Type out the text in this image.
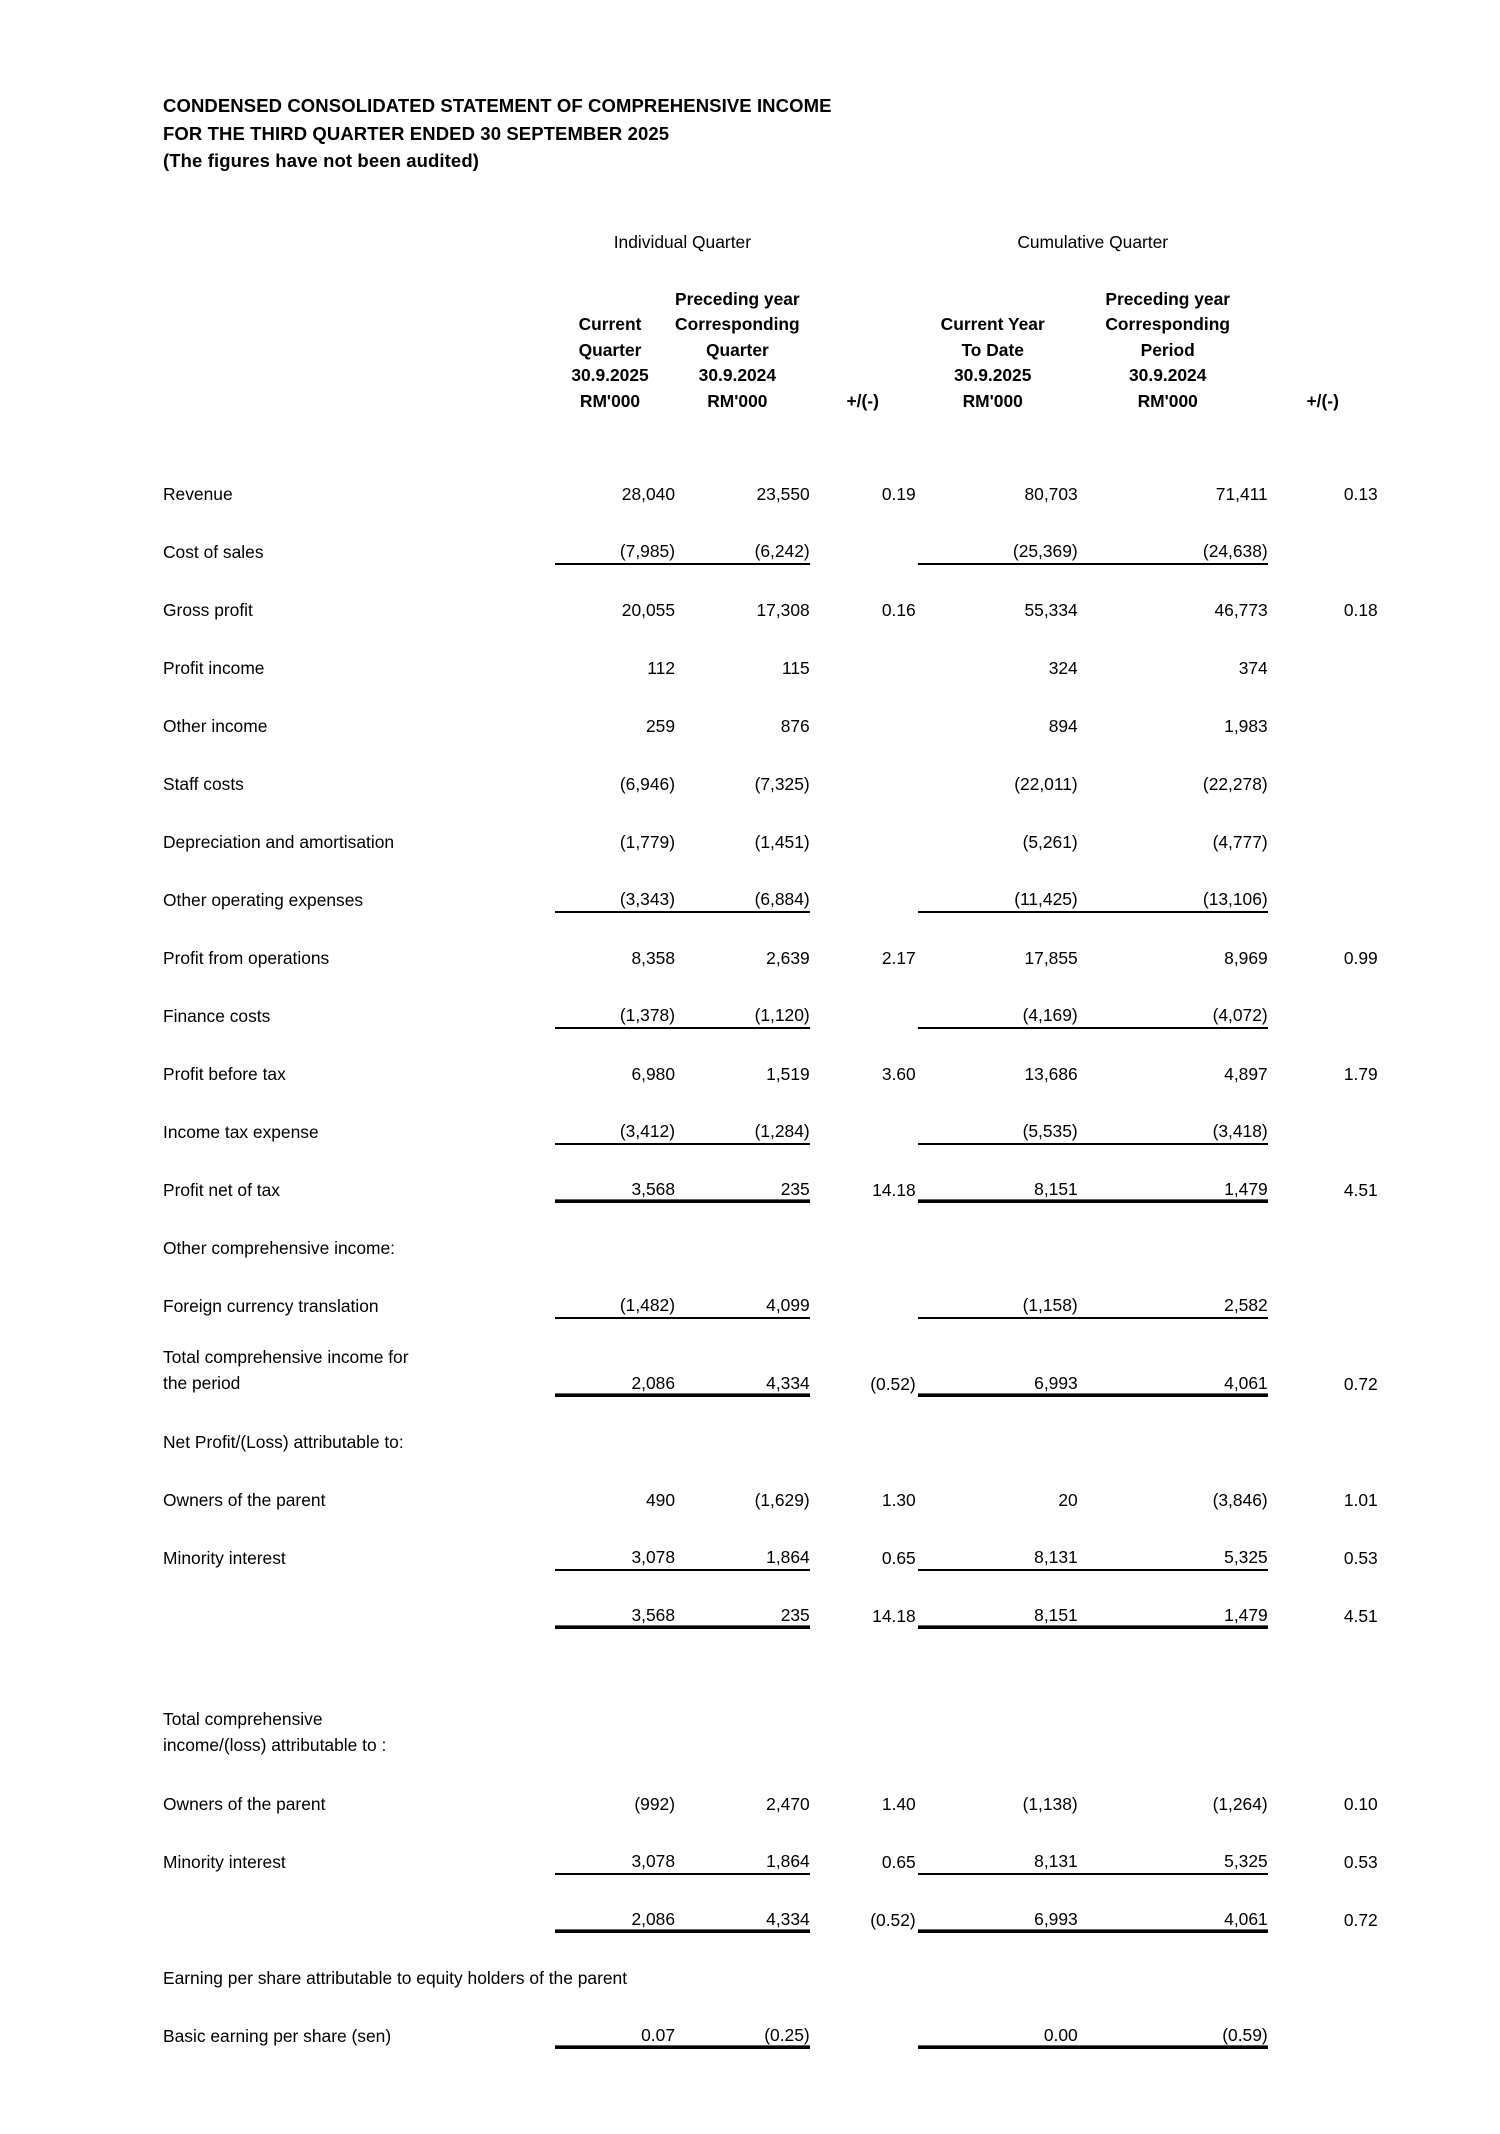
CONDENSED CONSOLIDATED STATEMENT OF COMPREHENSIVE INCOME
FOR THE THIRD QUARTER ENDED 30 SEPTEMBER 2025
(The figures have not been audited)
	Individual Quarter			Cumulative Quarter		

	Current
Quarter
30.9.2025
RM'000	Preceding year
Corresponding
Quarter
30.9.2024
RM'000	+/(-)	Current Year
To Date
30.9.2025
RM'000	Preceding year
Corresponding
Period
30.9.2024
RM'000	+/(-)

Revenue	28,040	23,550	0.19	80,703	71,411	0.13
Cost of sales	(7,985)	(6,242)		(25,369)	(24,638)	
Gross profit	20,055	17,308	0.16	55,334	46,773	0.18
Profit income	112	115		324	374	
Other income	259	876		894	1,983	
Staff costs	(6,946)	(7,325)		(22,011)	(22,278)	
Depreciation and amortisation	(1,779)	(1,451)		(5,261)	(4,777)	
Other operating expenses	(3,343)	(6,884)		(11,425)	(13,106)	
Profit from operations	8,358	2,639	2.17	17,855	8,969	0.99
Finance costs	(1,378)	(1,120)		(4,169)	(4,072)	
Profit before tax	6,980	1,519	3.60	13,686	4,897	1.79
Income tax expense	(3,412)	(1,284)		(5,535)	(3,418)	
Profit net of tax	3,568	235	14.18	8,151	1,479	4.51
Other comprehensive income:						
Foreign currency translation	(1,482)	4,099		(1,158)	2,582	
Total comprehensive income for
the period	2,086	4,334	(0.52)	6,993	4,061	0.72
Net Profit/(Loss) attributable to:						
Owners of the parent	490	(1,629)	1.30	20	(3,846)	1.01
Minority interest	3,078	1,864	0.65	8,131	5,325	0.53
	3,568	235	14.18	8,151	1,479	4.51

Total comprehensive
income/(loss) attributable to :						
Owners of the parent	(992)	2,470	1.40	(1,138)	(1,264)	0.10
Minority interest	3,078	1,864	0.65	8,131	5,325	0.53
	2,086	4,334	(0.52)	6,993	4,061	0.72
Earning per share attributable to equity holders of the parent						
Basic earning per share (sen)	0.07	(0.25)		0.00	(0.59)	
